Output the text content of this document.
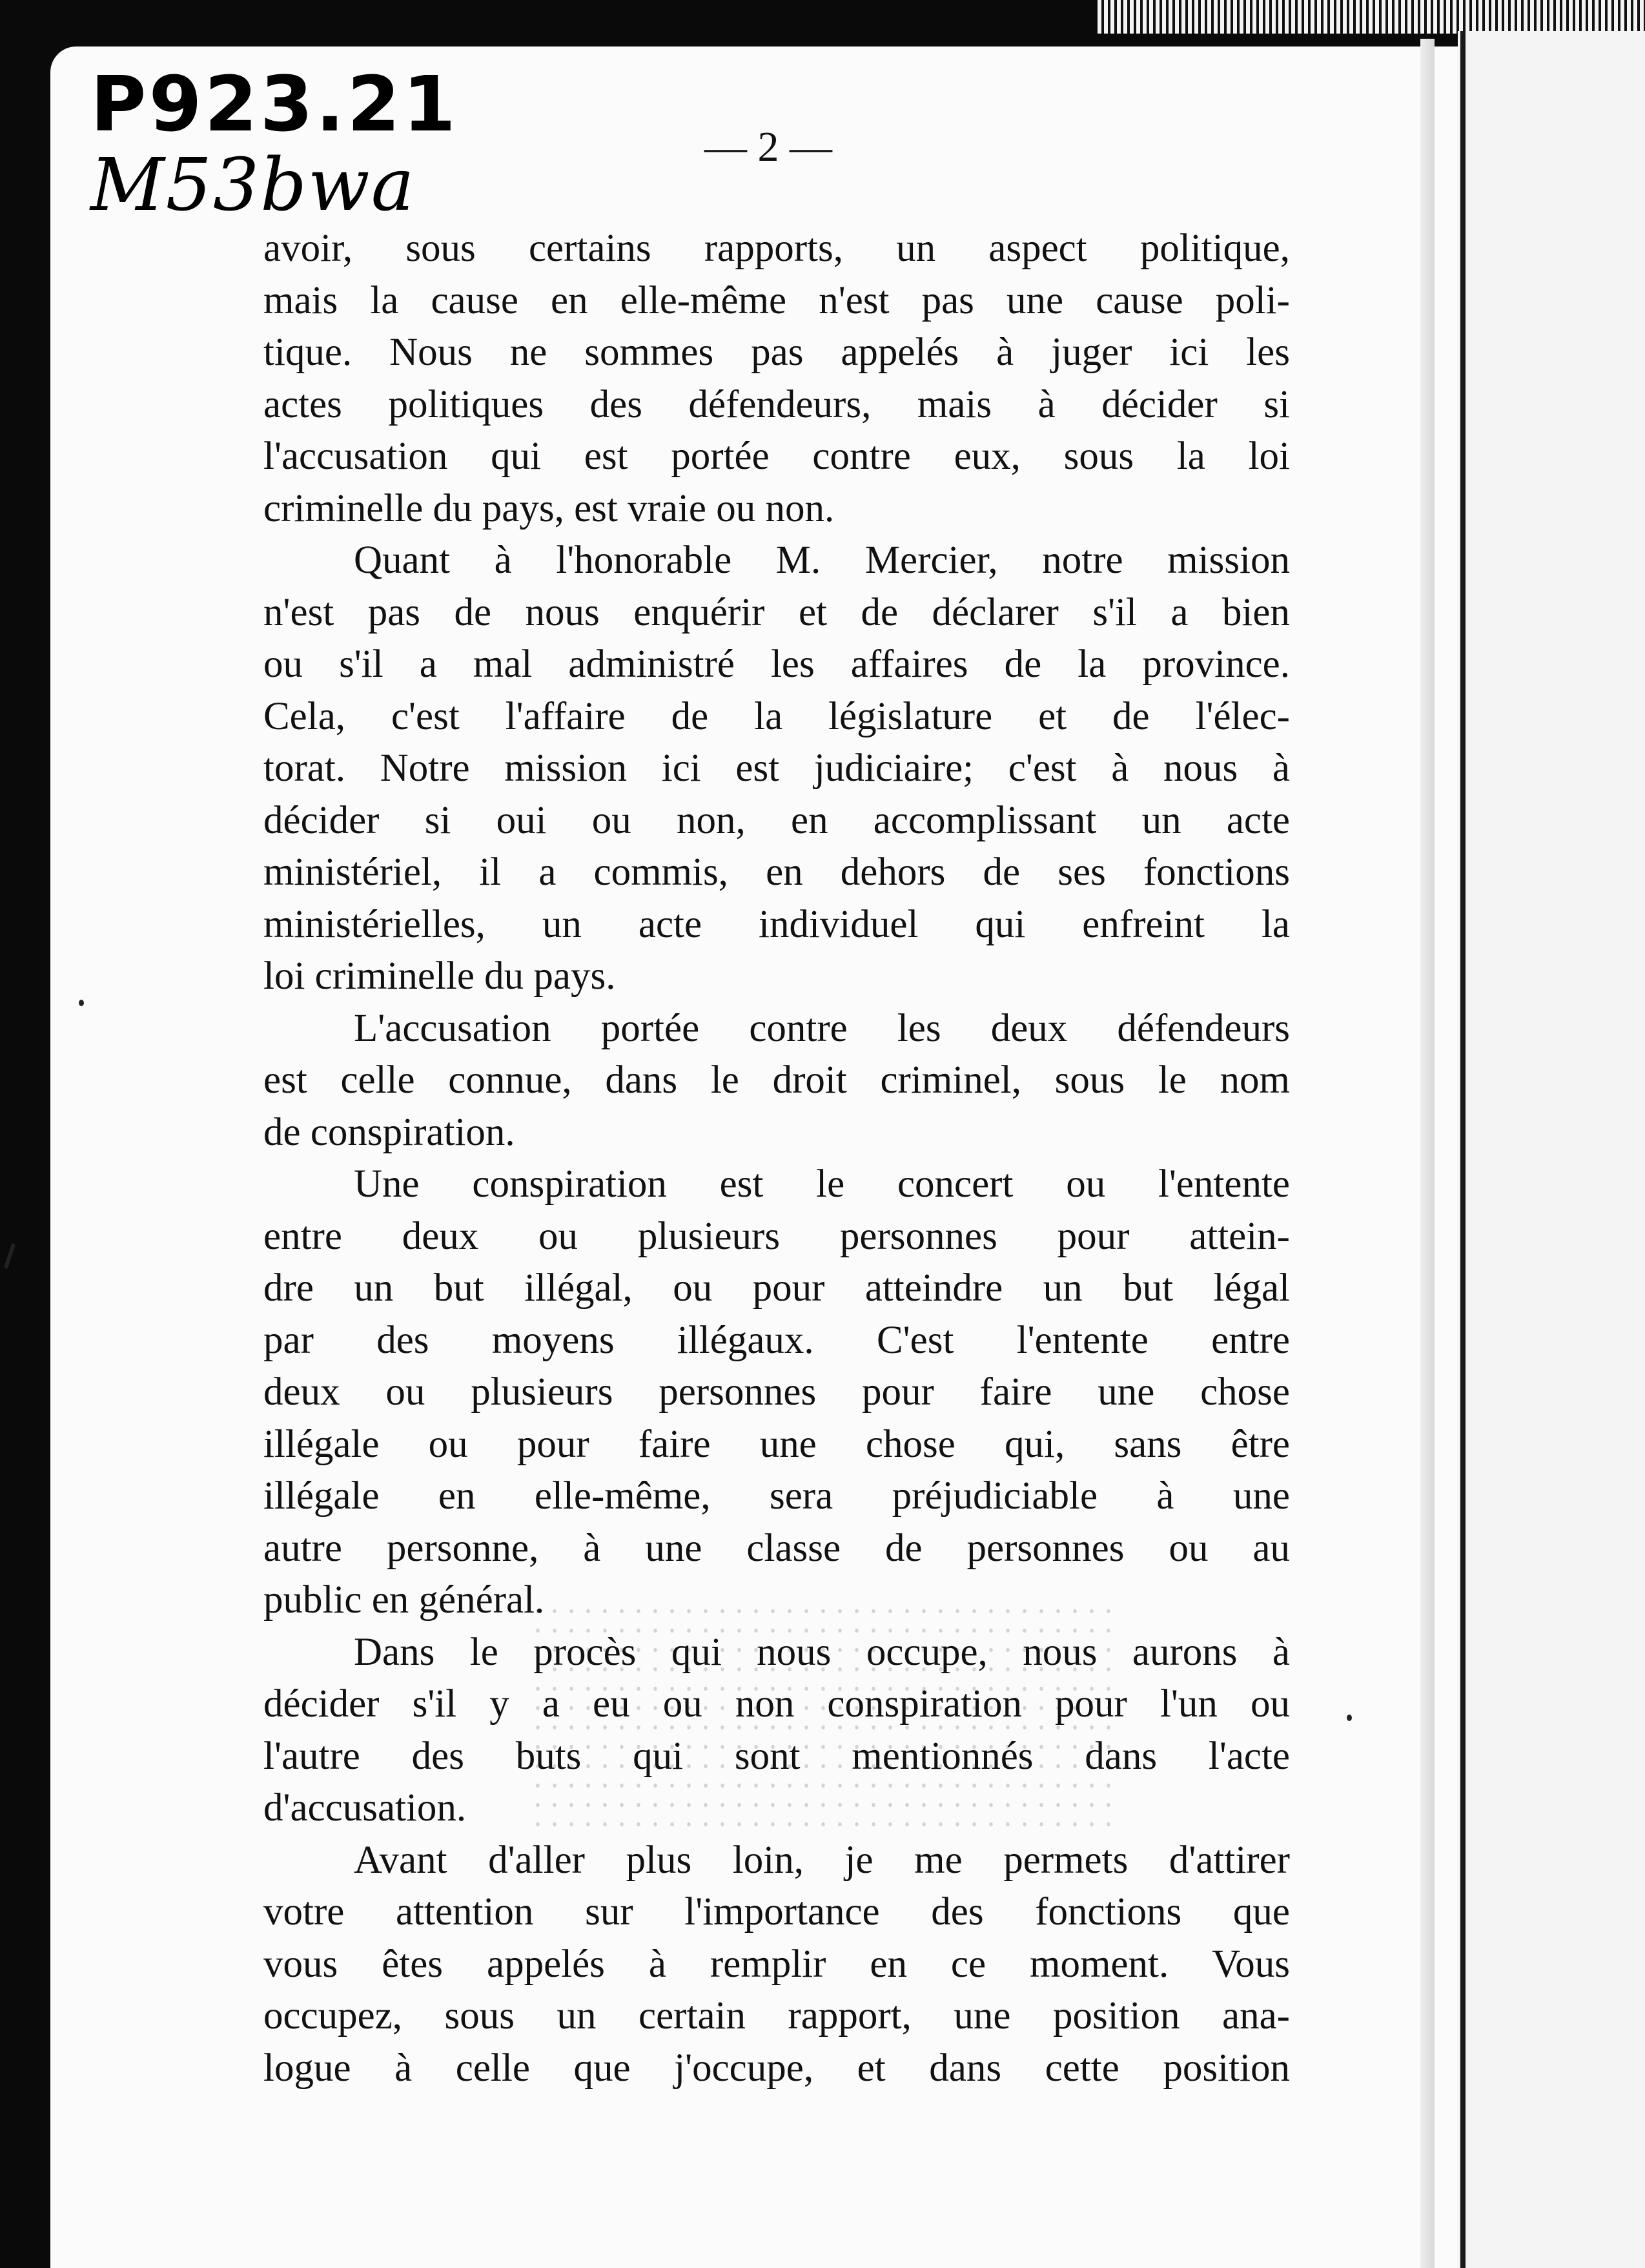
P923.21
M53bwa	— 2 —
avoir, sous certains rapports, un aspect politique,
mais la cause en elle-même n'est pas une cause poli-
tique. Nous ne sommes pas appelés à juger ici les
actes politiques des défendeurs, mais à décider si
l'accusation qui est portée contre eux, sous la loi
criminelle du pays, est vraie ou non.
Quant à l'honorable M. Mercier, notre mission
n'est pas de nous enquérir et de déclarer s'il a bien
ou s'il a mal administré les affaires de la province.
Cela, c'est l'affaire de la législature et de l'élec-
torat. Notre mission ici est judiciaire; c'est à nous à
décider si oui ou non, en accomplissant un acte
ministériel, il a commis, en dehors de ses fonctions
ministérielles, un acte individuel qui enfreint la
loi criminelle du pays.
L'accusation portée contre les deux défendeurs
est celle connue, dans le droit criminel, sous le nom
de conspiration.
Une conspiration est le concert ou l'entente
entre deux ou plusieurs personnes pour attein-
dre un but illégal, ou pour atteindre un but légal
par des moyens illégaux. C'est l'entente entre
deux ou plusieurs personnes pour faire une chose
illégale ou pour faire une chose qui, sans être
illégale en elle-même, sera préjudiciable à une
autre personne, à une classe de personnes ou au
public en général.
Dans le procès qui nous occupe, nous aurons à
décider s'il y a eu ou non conspiration pour l'un ou
l'autre des buts qui sont mentionnés dans l'acte
d'accusation.
Avant d'aller plus loin, je me permets d'attirer
votre attention sur l'importance des fonctions que
vous êtes appelés à remplir en ce moment. Vous
occupez, sous un certain rapport, une position ana-
logue à celle que j'occupe, et dans cette position
